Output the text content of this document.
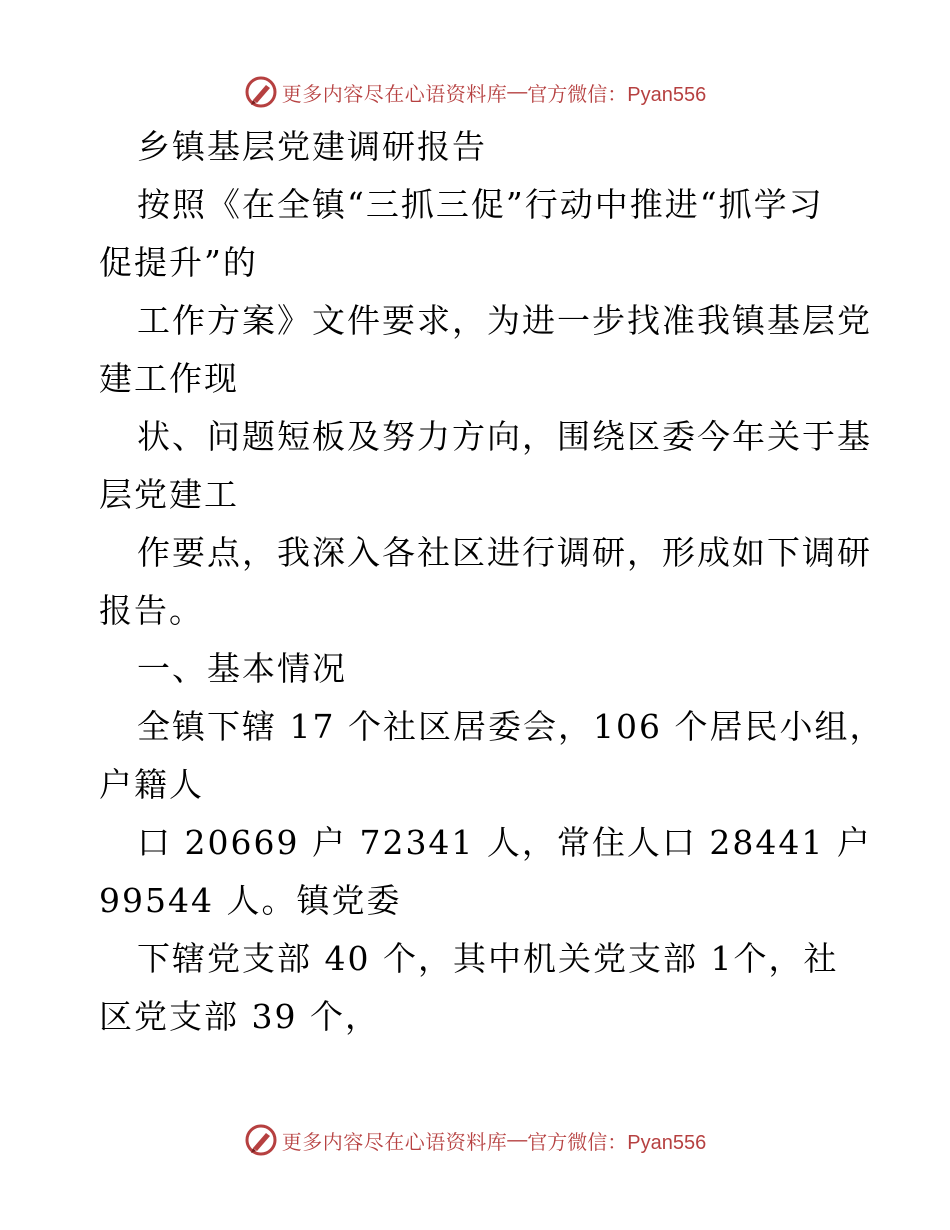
更多内容尽在心语资料库 — 官方微信：Pyan556
乡镇基层党建调研报告
按照《在全镇“三抓三促”行动中推进“抓学习
促提升”的
工作方案》文件要求，为进一步找准我镇基层党
建工作现
状、问题短板及努力方向，围绕区委今年关于基
层党建工
作要点，我深入各社区进行调研，形成如下调研
报告。
一、基本情况
全镇下辖 17 个社区居委会，106 个居民小组，
户籍人
口 20669 户 72341 人，常住人口 28441 户
99544 人。镇党委
下辖党支部 40 个，其中机关党支部 1个，社
区党支部 39 个，
更多内容尽在心语资料库 — 官方微信：Pyan556
